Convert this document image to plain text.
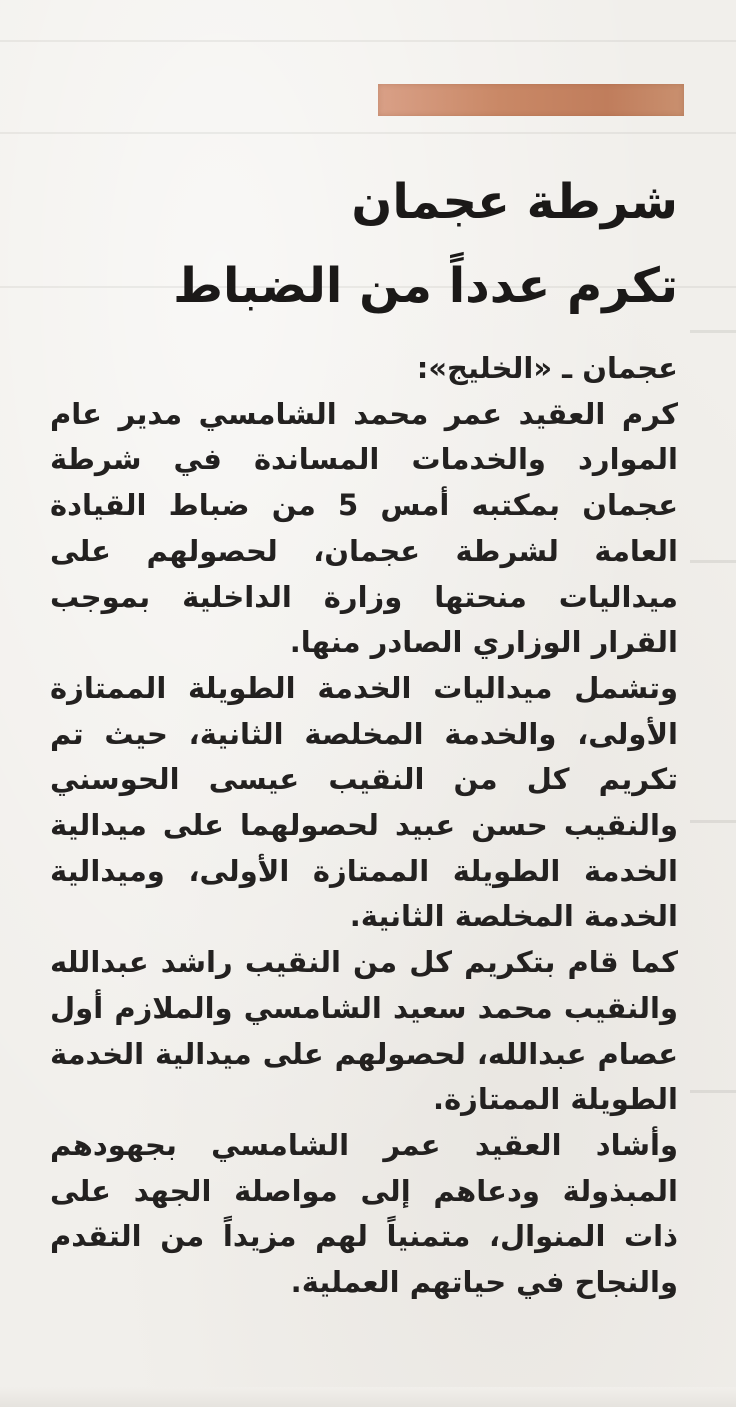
شرطة عجمان
تكرم عدداً من الضباط

عجمان ـ «الخليج»:

كرم العقيد عمر محمد الشامسي مدير عام الموارد والخدمات المساندة في شرطة عجمان بمكتبه أمس 5 من ضباط القيادة العامة لشرطة عجمان، لحصولهم على ميداليات منحتها وزارة الداخلية بموجب القرار الوزاري الصادر منها.

وتشمل ميداليات الخدمة الطويلة الممتازة الأولى، والخدمة المخلصة الثانية، حيث تم تكريم كل من النقيب عيسى الحوسني والنقيب حسن عبيد لحصولهما على ميدالية الخدمة الطويلة الممتازة الأولى، وميدالية الخدمة المخلصة الثانية.

كما قام بتكريم كل من النقيب راشد عبدالله والنقيب محمد سعيد الشامسي والملازم أول عصام عبدالله، لحصولهم على ميدالية الخدمة الطويلة الممتازة.

وأشاد العقيد عمر الشامسي بجهودهم المبذولة ودعاهم إلى مواصلة الجهد على ذات المنوال، متمنياً لهم مزيداً من التقدم والنجاح في حياتهم العملية.
